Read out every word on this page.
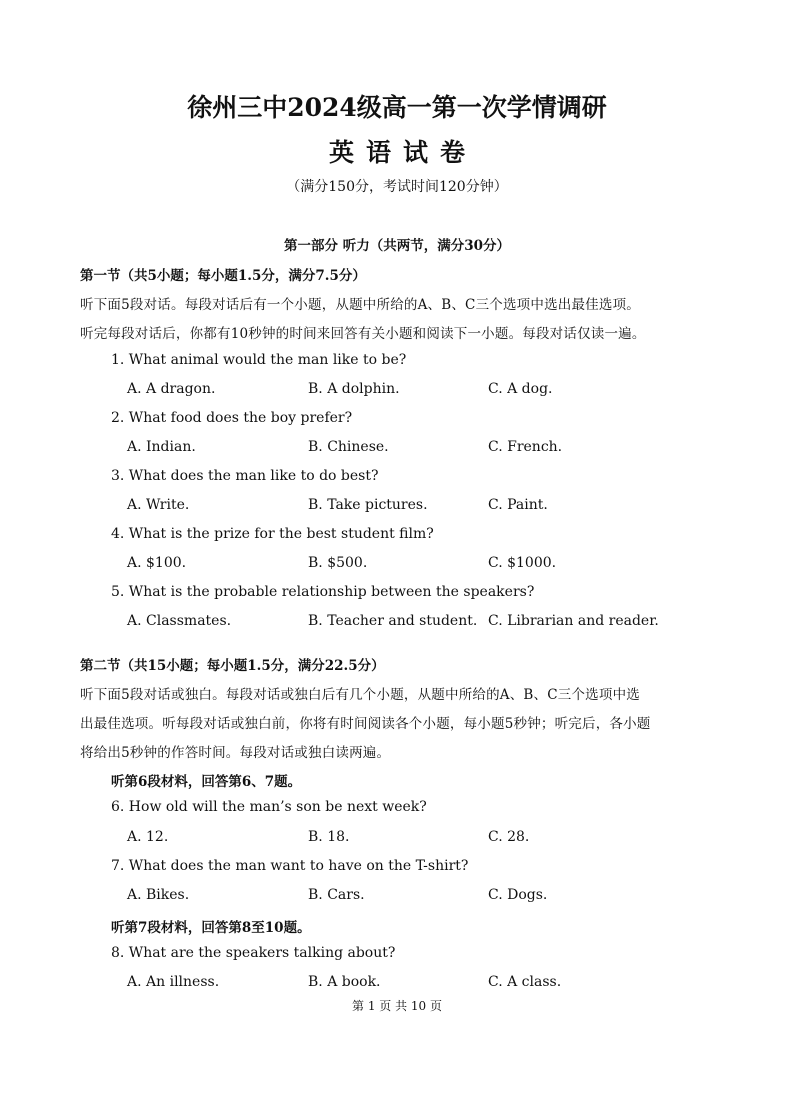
徐州三中2024级高一第一次学情调研
英语试卷
（满分150分，考试时间120分钟）
第一部分 听力（共两节，满分30分）
第一节（共5小题；每小题1.5分，满分7.5分）
听下面5段对话。每段对话后有一个小题，从题中所给的A、B、C三个选项中选出最佳选项。
听完每段对话后，你都有10秒钟的时间来回答有关小题和阅读下一小题。每段对话仅读一遍。
1. What animal would the man like to be?
A. A dragon.	B. A dolphin.	C. A dog.
2. What food does the boy prefer?
A. Indian.	B. Chinese.	C. French.
3. What does the man like to do best?
A. Write.	B. Take pictures.	C. Paint.
4. What is the prize for the best student film?
A. $100.	B. $500.	C. $1000.
5. What is the probable relationship between the speakers?
A. Classmates.	B. Teacher and student. C. Librarian and reader.
第二节（共15小题；每小题1.5分，满分22.5分）
听下面5段对话或独白。每段对话或独白后有几个小题，从题中所给的A、B、C三个选项中选
出最佳选项。听每段对话或独白前，你将有时间阅读各个小题，每小题5秒钟；听完后，各小题
将给出5秒钟的作答时间。每段对话或独白读两遍。
听第6段材料，回答第6、7题。
6. How old will the man’s son be next week?
A. 12.	B. 18.	C. 28.
7. What does the man want to have on the T-shirt?
A. Bikes.	B. Cars.	C. Dogs.
听第7段材料，回答第8至10题。
8. What are the speakers talking about?
A. An illness.	B. A book.	C. A class.
第 1 页 共 10 页
